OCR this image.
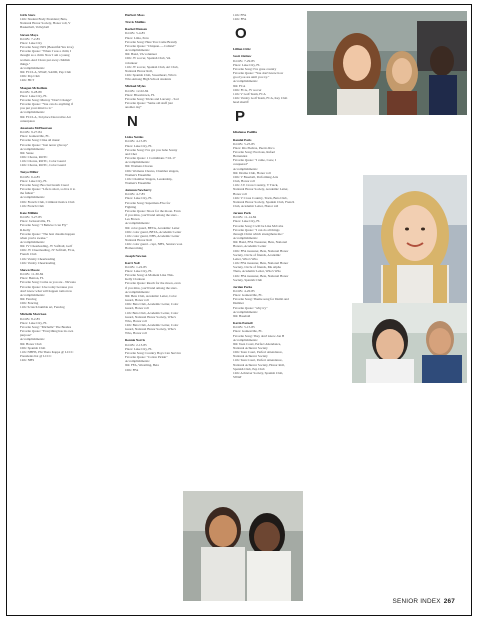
Girls Stars
12th: Student Body President; Beta,
National Honor Society, Honor roll, V
Basketball, Volleyball
Steven Mayo
D.O.B.: 7-2-85
Place: Lake City
Favorite Song: ISIS (Beautiful Yes love)
Favorite Quote: "When I was a child, I
thought as a child. Now I am a young
woman. And I have put away childish
things."
Accomplishments:
9th: FCCLA, SWAT, SADD, Pep Club
10th: Pep Club
12th: HCT
Maegan McKellum
D.O.B.: 9-28-89
Place: Lake City, FL
Favorite Song: Murray "Don't Change"
Favorite Quote: "You can do anything if
you put your mind to it."
Accomplishments:
9th: FCCLA, 3rd place Decorative Art
centerpiece
Anastasia McPheerson
D.O.B.: 9-27-84
Place: Gainesville, FL
Favorite Song: I like all music
Favorite Quote: "Just never give up"
Accomplishments:
9th: Sense
10th: Chorus, ROTC
11th: Chorus, ROTC, Color Guard
12th: Chorus, ROTC, Color Guard
Tonya Miller
D.O.B.: 6-4-85
Place: Lake City, FL
Favorite Song: Boo but breath Creed
Favorite Quote: "Life is short, so live it to
the fullest"
Accomplishments:
10th: French Club, Criminal Justice Club
11th: French Club
Kate Milikin
D.O.B.: 3-27-85
Place: Jacksonville, FL
Favorite Song: "I Believe I can Fly"
R.Kelly
Favorite Quote: "The best dreams happen
when you're awake."
Accomplishments:
9th: JV Cheerleading, JV Softball, Golf
10th: JV Cheerleading, JV Softball, FCA,
French Club
11th: Varsity Cheerleading
12th: Varsity Cheerleading
Shawn Moore
D.O.B.: 11-30-84
Place: Benton, FL
Favorite Song: Come as you are - Nirvana
Favorite Quote: Live today because you
don't know what will happen tomorrow
Accomplishments:
9th: Fencing
10th: Fencing
11th: Scratch bumble art, Fencing
Michelle Morrison
D.O.B.: 8-2-85
Place: Lake City, FL
Favorite Song: "Michelle" The Beatles
Favorite Quote: "Everything has its own
purpose"
Accomplishments:
9th: Honor Club
10th: Spanish Club
11th: NHHS, Phi Theta Kappa @ LCCC
Presidents list @ LCCC
12th: NHS
Herbert Moss
Travis Mullins
Rachel Munsen
D.O.B.: 5-4-85
Place: Lima, Peru
Favorite Song: Here You Come Brandy
Favorite Quote: "Chiquan......Callate!"
Accomplishments:
9th: Band, VA volunteer
10th: JV soccer, Spanish Club, VA
volunteer
11th: JV soccer, Spanish Club, Art Club,
National Honor Roll,
12th: Spanish Club, Sweetheart, Who's
Who Among High School students
Michael Myles
D.O.B.: 12-02-84
Place: Bloomtown, FL
Favorite Song: Tricks and Larceny - Sad
Favorite Quote: "Same old stuff just
another day"
N
Lisha Nettles
D.O.B.: 4-15-85
Place: Lake City, FL
Favorite Song: I've got you babe Sonny
and Cher
Favorite Quote: 1 Corinthians 7:16-17
Accomplishments:
9th: Womens Chorus
10th: Womens Chorus, Chamber singers,
Women's Ensemble
11th: Chamber Singers, Leadership,
Women's Ensemble
Autumn Newberry
D.O.B.: 4-7-85
Place: Lake City, FL
Favorite Song: Superman-Five for
Fighting
Favorite Quote: Shoot for the moon. Even
if you miss, you'll land among the stars -
Les Brown
Accomplishments:
9th: color guard, BETA, Academic Letter
10th: color guard, BETA, Academic Letter
11th: color guard, NHS, Academic Letter
National Honor Roll
12th: color guard - capt, NHS, Seniors won
Homecoming
Joseph Newton
Kerri Noll
D.O.B.: 1-22-85
Place: Lake City, FL
Favorite Song: A Moment Like This-
Kelly Clarkson
Favorite Quote: Reach for the moon, even
if you miss, you'll land among the stars.
Accomplishments:
9th: Beta Club, Academic Letter, Color
Guard, Honor roll
10th: Beta Club, Academic Letter, Color
Guard, Honor roll
11th: Beta Club, Academic Letter, Color
Guard, National Honor Society, Who's
Who, Honor roll
12th: Beta Club, Academic Letter, Color
Guard, National Honor Society, Who's
Who, Honor roll
Ronnie Norris
D.O.B.: 2-13-85
Place: Lake City, FL
Favorite Song: Country Boys Can Survive
Favorite Quote: "Cotton Pickin"
Accomplishments:
9th: FFA, Wrestling, Beta
10th: FFA
11th: FFA
12th: FFA
O
Lillian Ortiz
Scott Outlaw
D.O.B.: 7-29-85
Place: Lake City, FL
Favorite Song: I've gone country
Favorite Quote: "You don't know how
good you are until you try."
Accomplishments:
9th: FCA
10th: FCA, JV soccer
11th: V Golf Team, FCA
12th: Varsity Golf Team, FCA, Key Club
head sheriff
P
Idiofanso Padilla
Randal Paris
D.O.B.: 5-25-85
Place: Rio Piedras, Puerto Rico
Favorite Song: Precious, Rafael
Hernandez
Favorite Quote: "I came, I saw, I
conquered"
Accomplishments:
9th: Drama Club, Honor roll
10th: V Baseball, Performing Arts
Club, Honor roll
11th: J.V. Cross Country, V Track,
National Honor Society, Academic Letter,
Honor roll
12th: V Cross Country, Track, Beta Club,
National Honor Society, Spanish Club, French
Club, Academic Letter, Honor roll
Jaraun Park
D.O.B.: 11-14-84
Place: Lake City, FL
Favorite Song: I will be Like McCabe
Favorite Quote: "I can do all things
through Christ which strengthens me."
Accomplishments:
9th: Band, FFA Treasurer, Beta, National
Honors, Academic Letter
10th: FFA treasurer, Beta, National Honor
Society, Circle of friends, Academic
Letter, Who's Who
11th: FFA treasurer, Beta, National Honor
Society, Circle of friends, Mu Alpha
Theta, Academic Letter, Who's Who
12th: FFA treasurer, Beta, National Honor
Society, Spanish Club
Jordan Parks
D.O.B.: 4-20-85
Place: Gainesville, FL
Favorite Song: Theme song for Dumb and
Dumber
Favorite Quote: "why try"
Accomplishments:
9th: Baseball
Kevin Parnell
D.O.B.: 5-15-85
Place: Gainesville, FL
Favorite Song: They don't know-Jon B
Accomplishments:
9th: Teen Court, Perfect Attendance,
National Achiever Society
10th: Teen Court, Perfect Attendance,
National Achiever Society
11th: Teen Court, Perfect Attendance,
National Achiever Society, Honor Roll,
Spanish Club, Pep Club
12th: Achiever Society, Spanish Club,
SWAT
SENIOR INDEX 267
